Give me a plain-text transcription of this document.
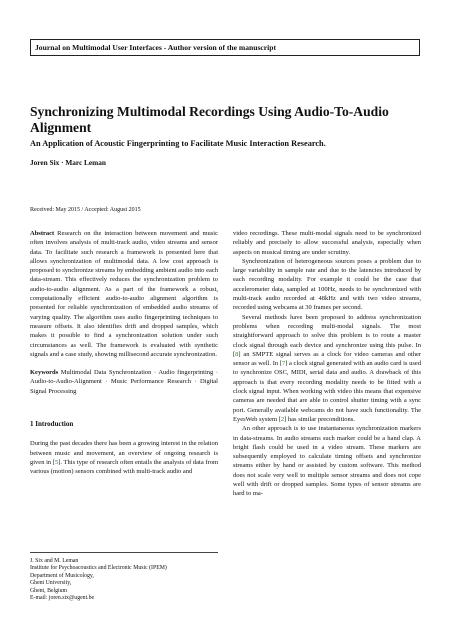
Journal on Multimodal User Interfaces - Author version of the manuscript
Synchronizing Multimodal Recordings Using Audio-To-Audio Alignment
An Application of Acoustic Fingerprinting to Facilitate Music Interaction Research.
Joren Six · Marc Leman
Received: May 2015 / Accepted: August 2015

Abstract Research on the interaction between movement and music often involves analysis of multi-track audio, video streams and sensor data. To facilitate such research a framework is presented here that allows synchronization of multimodal data. A low cost approach is proposed to synchronize streams by embedding ambient audio into each data-stream. This effectively reduces the synchronization problem to audio-to-audio alignment. As a part of the framework a robust, computationally efficient audio-to-audio alignment algorithm is presented for reliable synchronization of embedded audio streams of varying quality. The algorithm uses audio fingerprinting techniques to measure offsets. It also identifies drift and dropped samples, which makes it possible to find a synchronization solution under such circumstances as well. The framework is evaluated with synthetic signals and a case study, showing millisecond accurate synchronization.

Keywords Multimodal Data Synchronization · Audio fingerprinting · Audio-to-Audio-Alignment · Music Performance Research · Digital Signal Processing

1 Introduction

During the past decades there has been a growing interest in the relation between music and movement, an overview of ongoing research is given in [5]. This type of research often entails the analysis of data from various (motion) sensors combined with multi-track audio and

video recordings. These multi-modal signals need to be synchronized reliably and precisely to allow successful analysis, especially when aspects on musical timing are under scrutiny.

Synchronization of heterogeneous sources poses a problem due to large variability in sample rate and due to the latencies introduced by each recording modality. For example it could be the case that accelerometer data, sampled at 100Hz, needs to be synchronized with multi-track audio recorded at 48kHz and with two video streams, recorded using webcams at 30 frames per second.

Several methods have been proposed to address synchronization problems when recording multi-modal signals. The most straightforward approach to solve this problem is to route a master clock signal through each device and synchronize using this pulse. In [8] an SMPTE signal serves as a clock for video cameras and other sensor as well. In [7] a clock signal generated with an audio card is used to synchronize OSC, MIDI, serial data and audio. A drawback of this approach is that every recording modality needs to be fitted with a clock signal input. When working with video this means that expensive cameras are needed that are able to control shutter timing with a sync port. Generally available webcams do not have such functionality. The EyesWeb system [2] has similar preconditions.

An other approach is to use instantaneous synchronization markers in data-streams. In audio streams such marker could be a hand clap. A bright flash could be used in a video stream. These markers are subsequently employed to calculate timing offsets and synchronize streams either by hand or assisted by custom software. This method does not scale very well to multiple sensor streams and does not cope well with drift or dropped samples. Some types of sensor streams are hard to ma-

J. Six and M. Leman
Institute for Psychoacoustics and Electronic Music (IPEM)
Department of Musicology,
Ghent University,
Ghent, Belgium
E-mail: joren.six@ugent.be
